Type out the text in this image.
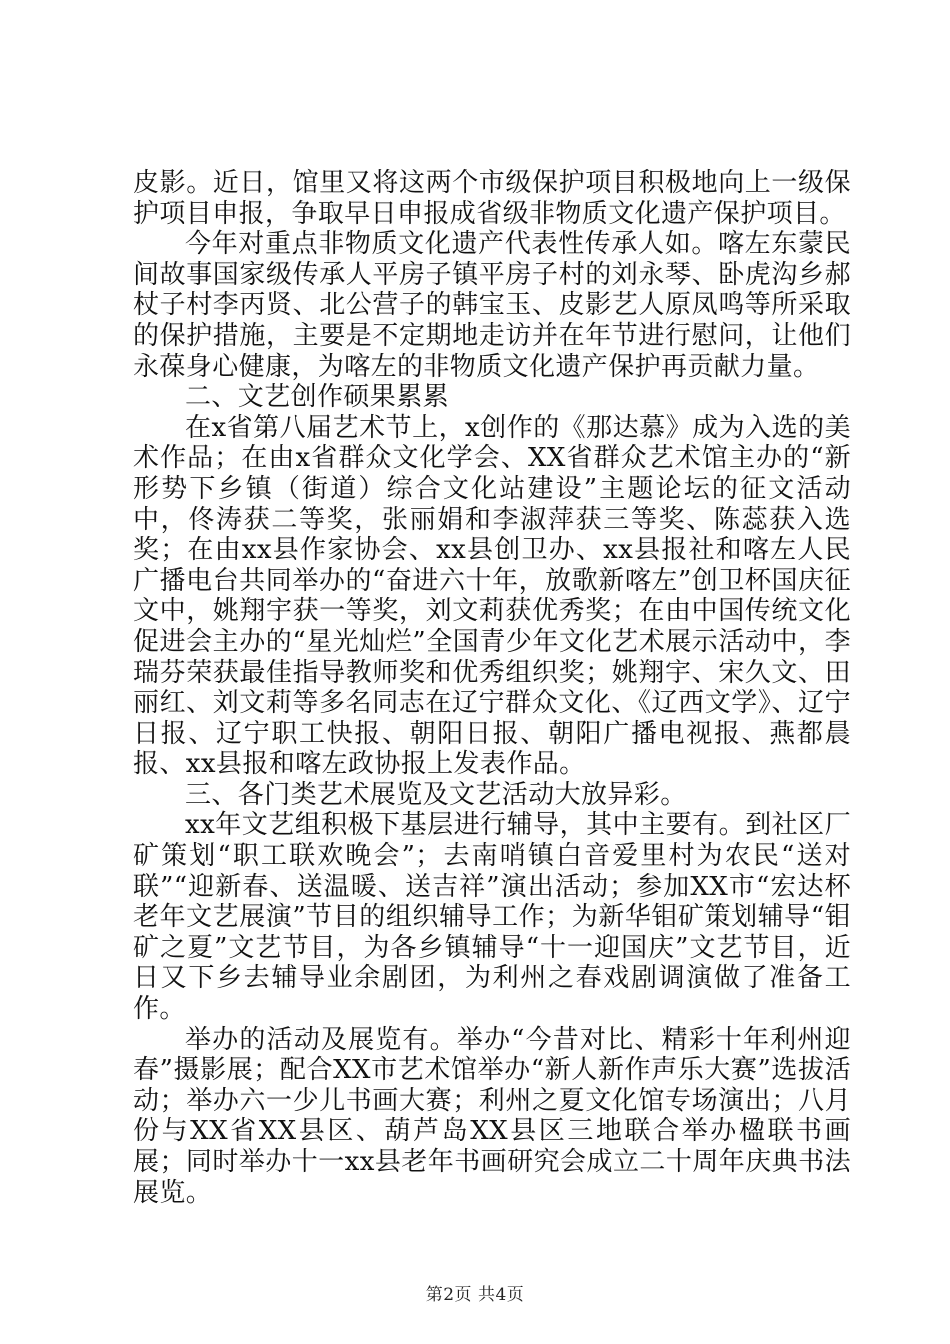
皮影。近日，馆里又将这两个市级保护项目积极地向上一级保护项目申报，争取早日申报成省级非物质文化遗产保护项目。

今年对重点非物质文化遗产代表性传承人如。喀左东蒙民间故事国家级传承人平房子镇平房子村的刘永琴、卧虎沟乡郝杖子村李丙贤、北公营子的韩宝玉、皮影艺人原凤鸣等所采取的保护措施，主要是不定期地走访并在年节进行慰问，让他们永葆身心健康，为喀左的非物质文化遗产保护再贡献力量。

二、文艺创作硕果累累

在x省第八届艺术节上，x创作的《那达慕》成为入选的美术作品；在由x省群众文化学会、XX省群众艺术馆主办的“新形势下乡镇（街道）综合文化站建设”主题论坛的征文活动中，佟涛获二等奖，张丽娟和李淑萍获三等奖、陈蕊获入选奖；在由xx县作家协会、xx县创卫办、xx县报社和喀左人民广播电台共同举办的“奋进六十年，放歌新喀左”创卫杯国庆征文中，姚翔宇获一等奖，刘文莉获优秀奖；在由中国传统文化促进会主办的“星光灿烂”全国青少年文化艺术展示活动中，李瑞芬荣获最佳指导教师奖和优秀组织奖；姚翔宇、宋久文、田丽红、刘文莉等多名同志在辽宁群众文化、《辽西文学》、辽宁日报、辽宁职工快报、朝阳日报、朝阳广播电视报、燕都晨报、xx县报和喀左政协报上发表作品。

三、各门类艺术展览及文艺活动大放异彩。

xx年文艺组积极下基层进行辅导，其中主要有。到社区厂矿策划“职工联欢晚会”；去南哨镇白音爱里村为农民“送对联”“迎新春、送温暖、送吉祥”演出活动；参加XX市“宏达杯老年文艺展演”节目的组织辅导工作；为新华钼矿策划辅导“钼矿之夏”文艺节目，为各乡镇辅导“十一迎国庆”文艺节目，近日又下乡去辅导业余剧团，为利州之春戏剧调演做了准备工作。

举办的活动及展览有。举办“今昔对比、精彩十年利州迎春”摄影展；配合XX市艺术馆举办“新人新作声乐大赛”选拔活动；举办六一少儿书画大赛；利州之夏文化馆专场演出；八月份与XX省XX县区、葫芦岛XX县区三地联合举办楹联书画展；同时举办十一xx县老年书画研究会成立二十周年庆典书法展览。

第2页 共4页
